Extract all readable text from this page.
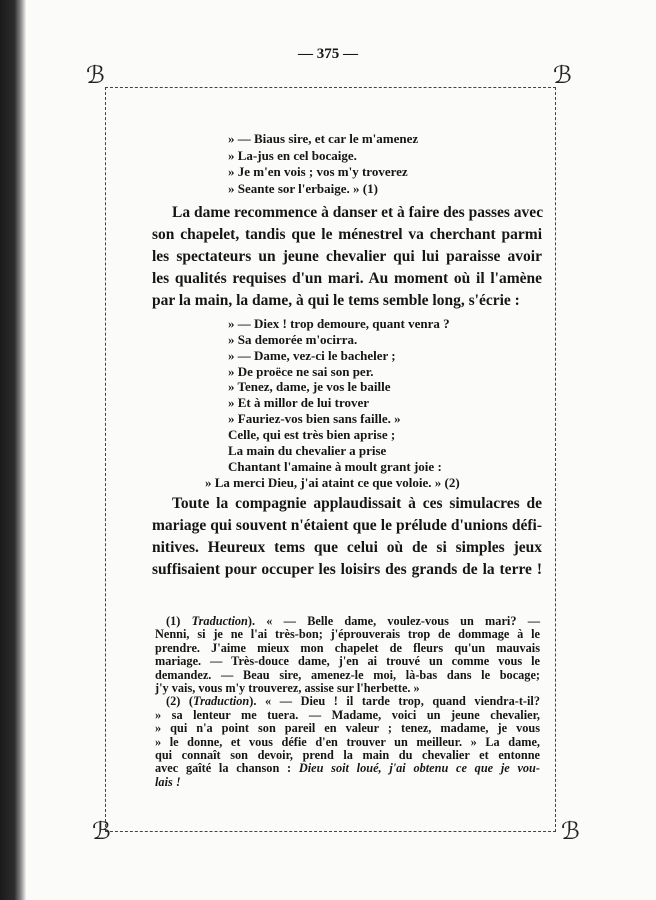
ℬ	ℬ
ℬ	ℬ
— 375 —
» — Biaus sire, et car le m'amenez
» La-jus en cel bocaige.
» Je m'en vois ; vos m'y troverez
» Seante sor l'erbaige. » (1)
La dame recommence à danser et à faire des passes avec
son chapelet, tandis que le ménestrel va cherchant parmi
les spectateurs un jeune chevalier qui lui paraisse avoir
les qualités requises d'un mari. Au moment où il l'amène
par la main, la dame, à qui le tems semble long, s'écrie :
» — Diex ! trop demoure, quant venra ?
» Sa demorée m'ocirra.
» — Dame, vez-ci le bacheler ;
» De proëce ne sai son per.
» Tenez, dame, je vos le baille
» Et à millor de lui trover
» Fauriez-vos bien sans faille. »
Celle, qui est très bien aprise ;
La main du chevalier a prise
Chantant l'amaine à moult grant joie :
» La merci Dieu, j'ai ataint ce que voloie. » (2)
Toute la compagnie applaudissait à ces simulacres de
mariage qui souvent n'étaient que le prélude d'unions défi-
nitives. Heureux tems que celui où de si simples jeux
suffisaient pour occuper les loisirs des grands de la terre !
(1) Traduction). « — Belle dame, voulez-vous un mari? —
Nenni, si je ne l'ai très-bon; j'éprouverais trop de dommage à le
prendre. J'aime mieux mon chapelet de fleurs qu'un mauvais
mariage. — Très-douce dame, j'en ai trouvé un comme vous le
demandez. — Beau sire, amenez-le moi, là-bas dans le bocage;
j'y vais, vous m'y trouverez, assise sur l'herbette. »
(2) (Traduction). « — Dieu ! il tarde trop, quand viendra-t-il?
» sa lenteur me tuera. — Madame, voici un jeune chevalier,
» qui n'a point son pareil en valeur ; tenez, madame, je vous
» le donne, et vous défie d'en trouver un meilleur. » La dame,
qui connaît son devoir, prend la main du chevalier et entonne
avec gaîté la chanson : Dieu soit loué, j'ai obtenu ce que je vou-
lais !
